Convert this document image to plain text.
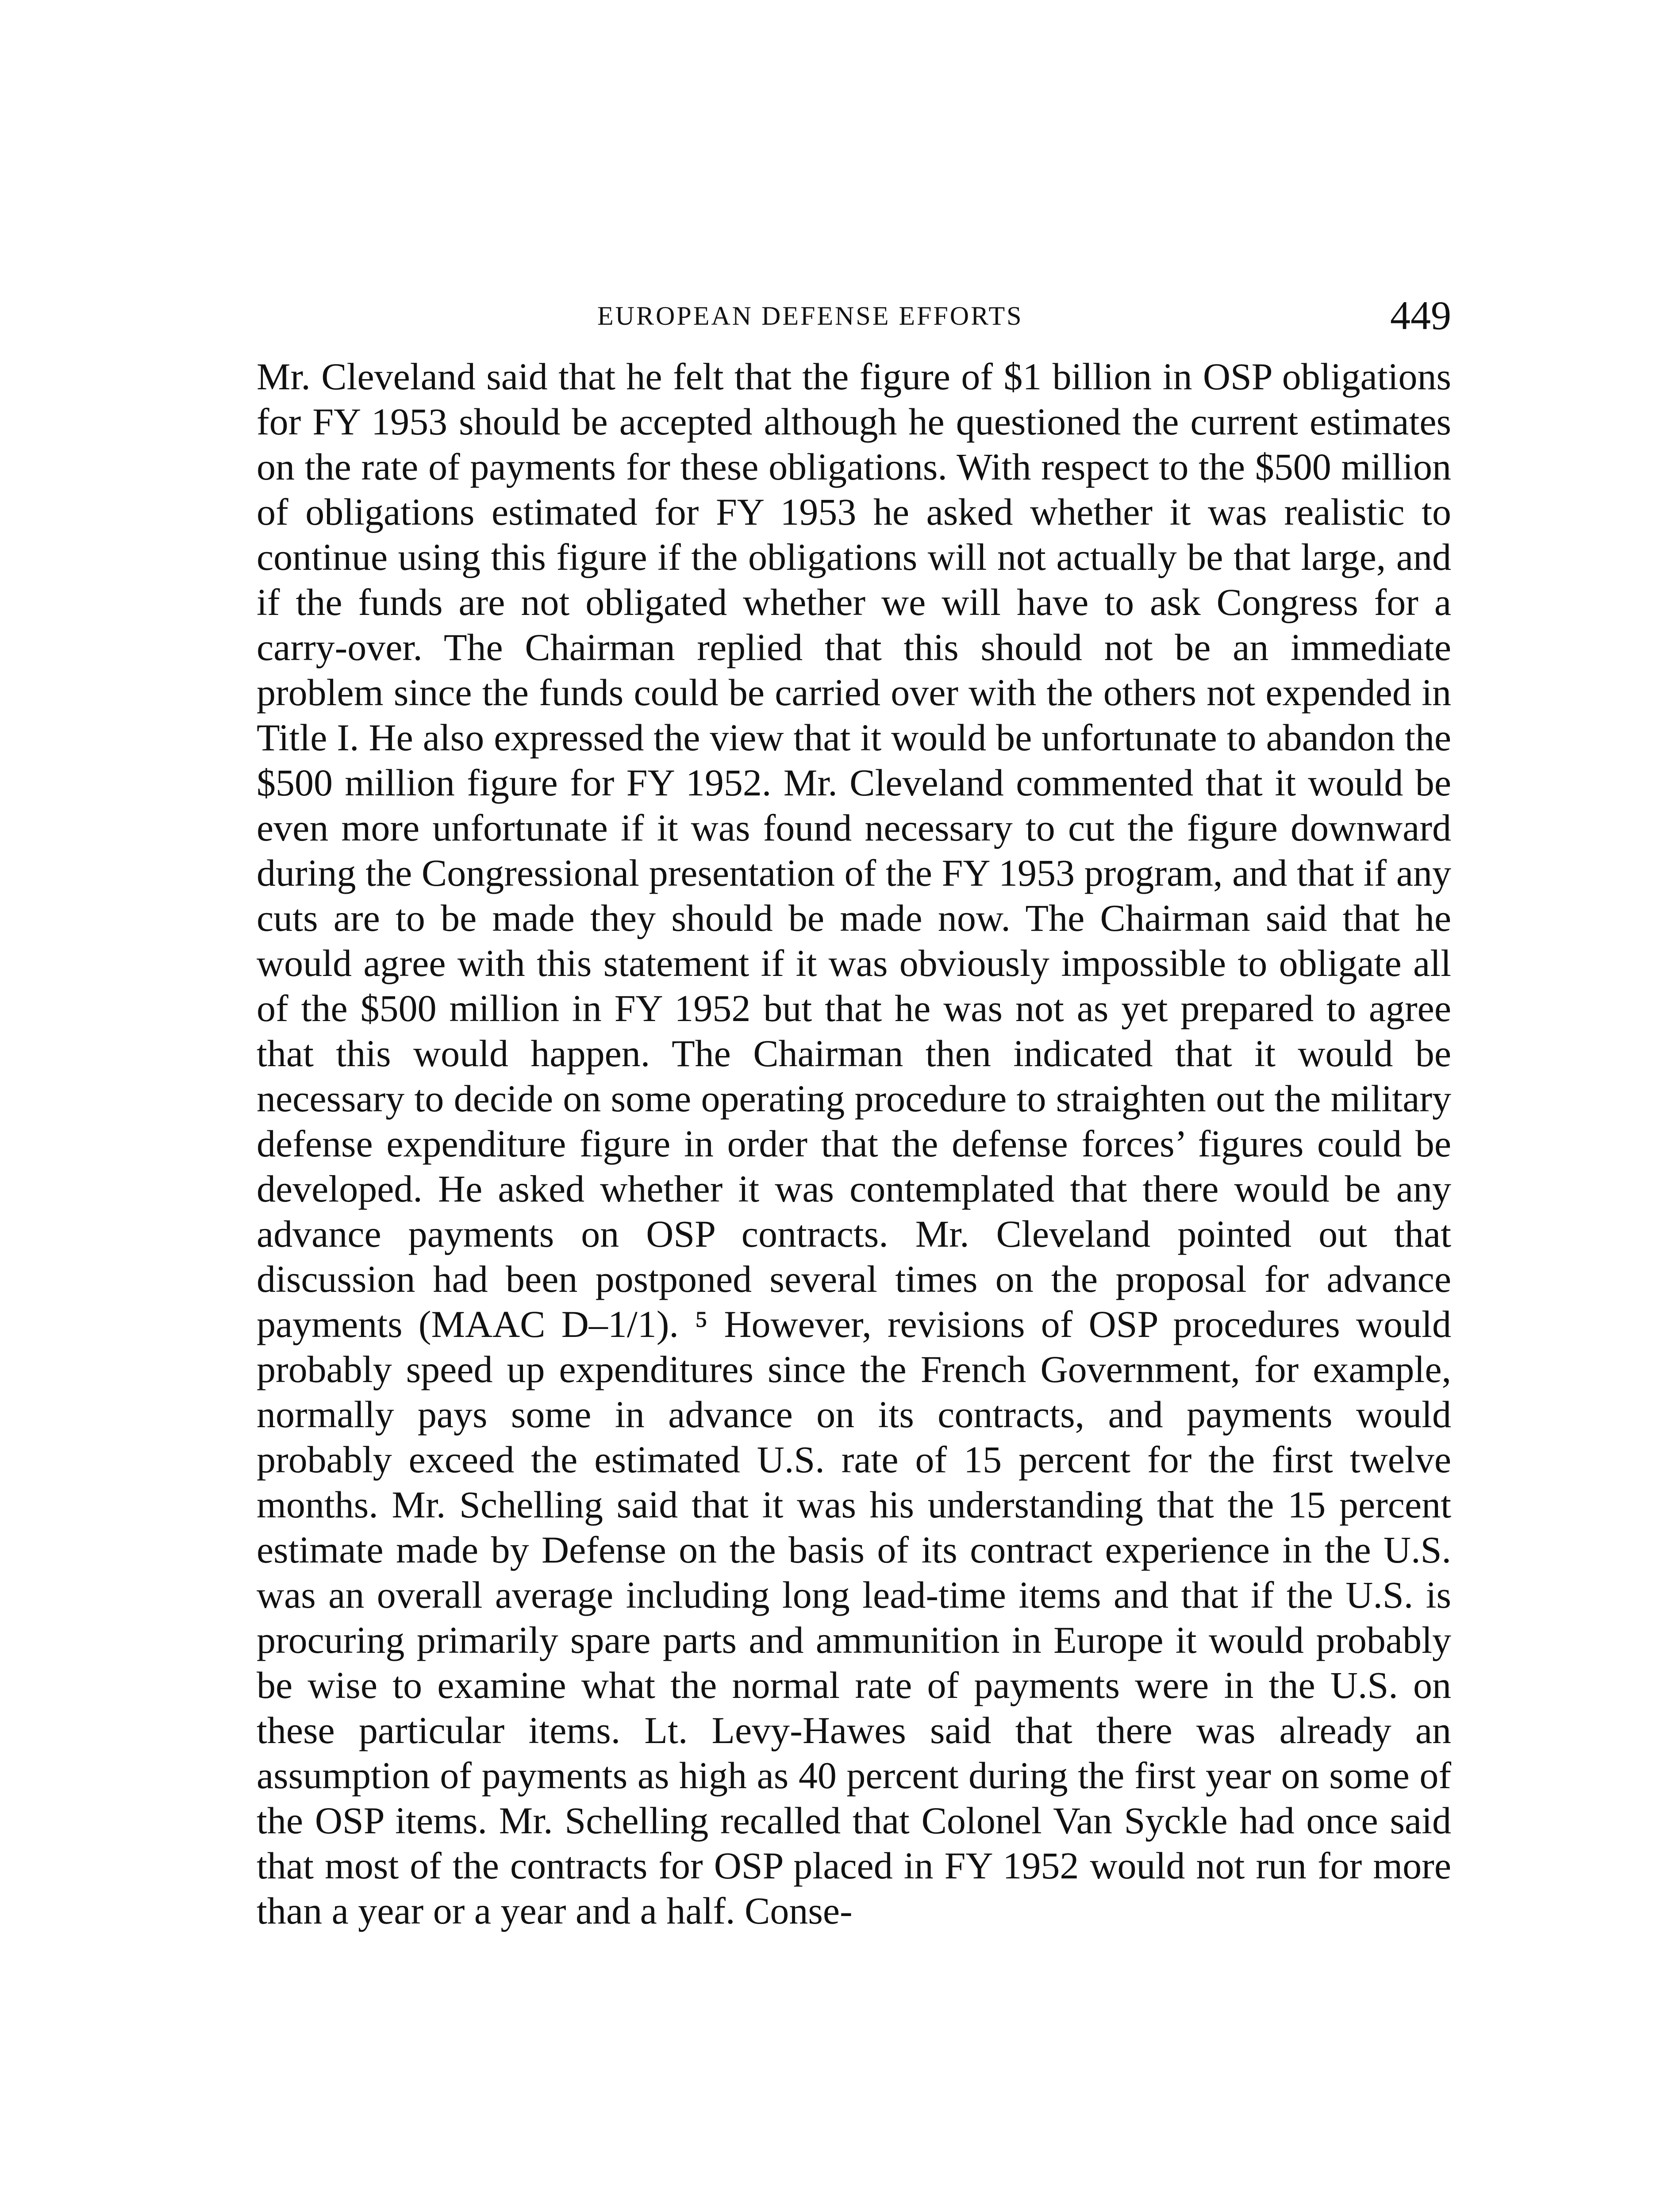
EUROPEAN DEFENSE EFFORTS	449

Mr. Cleveland said that he felt that the figure of $1 billion in OSP obligations for FY 1953 should be accepted although he questioned the current estimates on the rate of payments for these obligations. With respect to the $500 million of obligations estimated for FY 1953 he asked whether it was realistic to continue using this figure if the obligations will not actually be that large, and if the funds are not obligated whether we will have to ask Congress for a carry-over. The Chairman replied that this should not be an immediate problem since the funds could be carried over with the others not expended in Title I. He also expressed the view that it would be unfortunate to abandon the $500 million figure for FY 1952. Mr. Cleveland commented that it would be even more unfortunate if it was found necessary to cut the figure downward during the Congressional presentation of the FY 1953 program, and that if any cuts are to be made they should be made now. The Chairman said that he would agree with this statement if it was obviously impossible to obligate all of the $500 million in FY 1952 but that he was not as yet prepared to agree that this would happen. The Chairman then indicated that it would be necessary to decide on some operating procedure to straighten out the military defense expenditure figure in order that the defense forces’ figures could be developed. He asked whether it was contemplated that there would be any advance payments on OSP contracts. Mr. Cleveland pointed out that discussion had been postponed several times on the proposal for advance payments (MAAC D–1/1). ⁵ However, revisions of OSP procedures would probably speed up expenditures since the French Government, for example, normally pays some in advance on its contracts, and payments would probably exceed the estimated U.S. rate of 15 percent for the first twelve months. Mr. Schelling said that it was his understanding that the 15 percent estimate made by Defense on the basis of its contract experience in the U.S. was an overall average including long lead-time items and that if the U.S. is procuring primarily spare parts and ammunition in Europe it would probably be wise to examine what the normal rate of payments were in the U.S. on these particular items. Lt. Levy-Hawes said that there was already an assumption of payments as high as 40 percent during the first year on some of the OSP items. Mr. Schelling recalled that Colonel Van Syckle had once said that most of the contracts for OSP placed in FY 1952 would not run for more than a year or a year and a half. Conse-
